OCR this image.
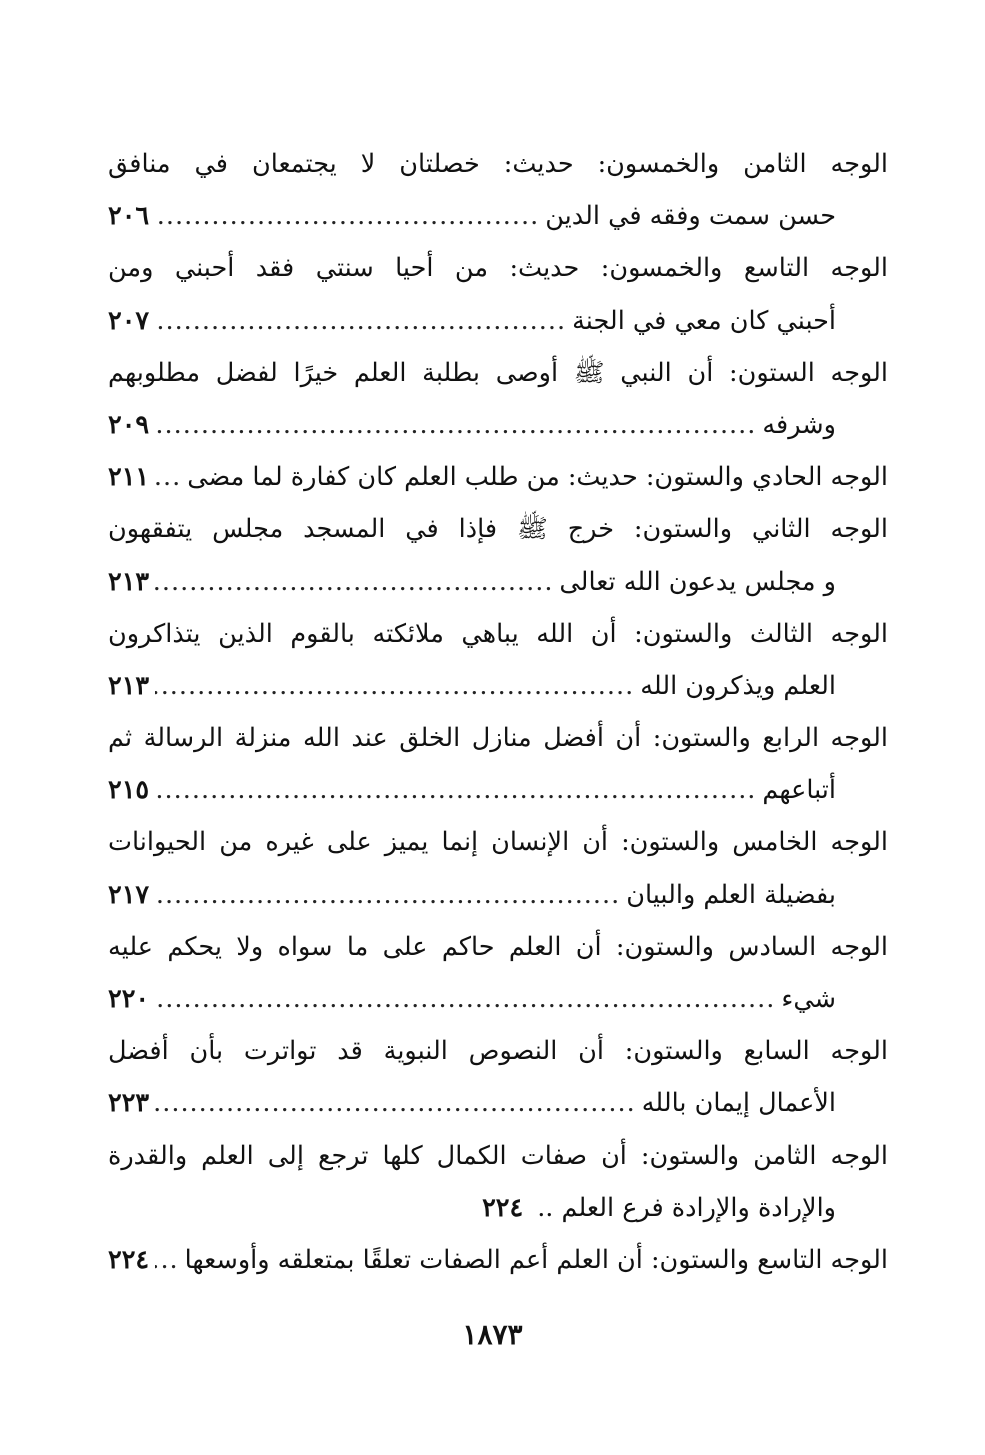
الوجه الثامن والخمسون: حديث: خصلتان لا يجتمعان في منافق
حسن سمت وفقه في الدين
.....
٢٠٦
الوجه التاسع والخمسون: حديث: من أحيا سنتي فقد أحبني ومن
أحبني كان معي في الجنة
.....
٢٠٧
الوجه الستون: أن النبي ﷺ أوصى بطلبة العلم خيرًا لفضل مطلوبهم
وشرفه
.....
٢٠٩
الوجه الحادي والستون: حديث: من طلب العلم كان كفارة لما مضى
.....
٢١١
الوجه الثاني والستون: خرج ﷺ فإذا في المسجد مجلس يتفقهون
و مجلس يدعون الله تعالى
.....
٢١٣
الوجه الثالث والستون: أن الله يباهي ملائكته بالقوم الذين يتذاكرون
العلم ويذكرون الله
.....
٢١٣
الوجه الرابع والستون: أن أفضل منازل الخلق عند الله منزلة الرسالة ثم
أتباعهم
.....
٢١٥
الوجه الخامس والستون: أن الإنسان إنما يميز على غيره من الحيوانات
بفضيلة العلم والبيان
.....
٢١٧
الوجه السادس والستون: أن العلم حاكم على ما سواه ولا يحكم عليه
شيء
.....
٢٢٠
الوجه السابع والستون: أن النصوص النبوية قد تواترت بأن أفضل
الأعمال إيمان بالله
.....
٢٢٣
الوجه الثامن والستون: أن صفات الكمال كلها ترجع إلى العلم والقدرة
والإرادة والإرادة فرع العلم ..
٢٢٤
الوجه التاسع والستون: أن العلم أعم الصفات تعلقًا بمتعلقه وأوسعها
.....
٢٢٤
١٨٧٣
